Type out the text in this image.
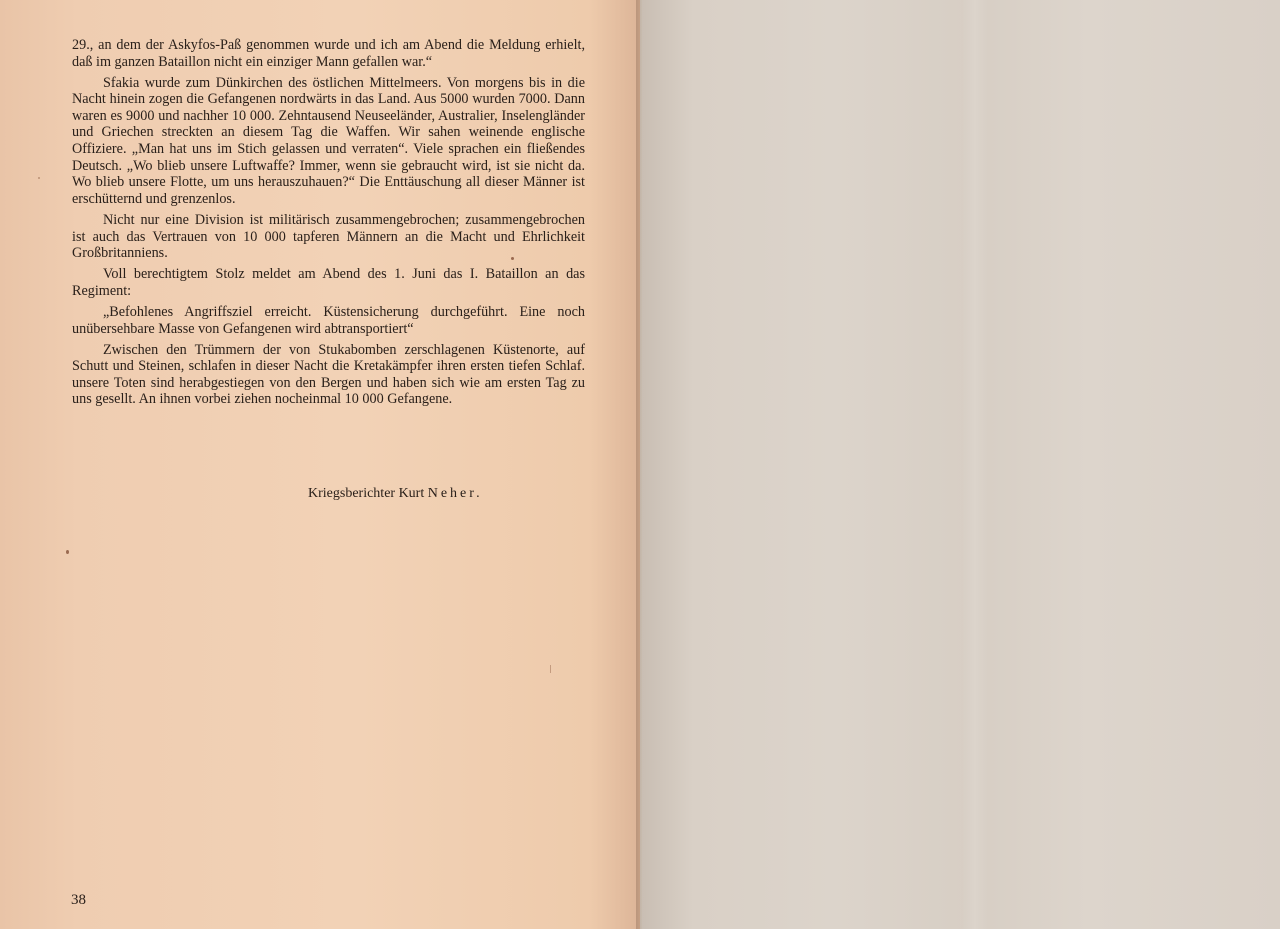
29., an dem der Askyfos-Paß genommen wurde und ich am Abend die Meldung erhielt, daß im ganzen Bataillon nicht ein einziger Mann gefallen war.“

Sfakia wurde zum Dünkirchen des östlichen Mittelmeers. Von morgens bis in die Nacht hinein zogen die Gefangenen nordwärts in das Land. Aus 5000 wurden 7000. Dann waren es 9000 und nachher 10 000. Zehntausend Neuseeländer, Australier, Inselengländer und Griechen streckten an diesem Tag die Waffen. Wir sahen weinende englische Offiziere. „Man hat uns im Stich gelassen und verraten“. Viele sprachen ein fließendes Deutsch. „Wo blieb unsere Luftwaffe? Immer, wenn sie gebraucht wird, ist sie nicht da. Wo blieb unsere Flotte, um uns herauszuhauen?“ Die Enttäuschung all dieser Männer ist erschütternd und grenzenlos.

Nicht nur eine Division ist militärisch zusammengebrochen; zusammengebrochen ist auch das Vertrauen von 10 000 tapferen Männern an die Macht und Ehrlichkeit Großbritanniens.

Voll berechtigtem Stolz meldet am Abend des 1. Juni das I. Bataillon an das Regiment:

„Befohlenes Angriffsziel erreicht. Küstensicherung durchgeführt. Eine noch unübersehbare Masse von Gefangenen wird abtransportiert“

Zwischen den Trümmern der von Stukabomben zerschlagenen Küstenorte, auf Schutt und Steinen, schlafen in dieser Nacht die Kretakämpfer ihren ersten tiefen Schlaf. unsere Toten sind herabgestiegen von den Bergen und haben sich wie am ersten Tag zu uns gesellt. An ihnen vorbei ziehen nocheinmal 10 000 Gefangene.

Kriegsberichter Kurt Neher.
38
